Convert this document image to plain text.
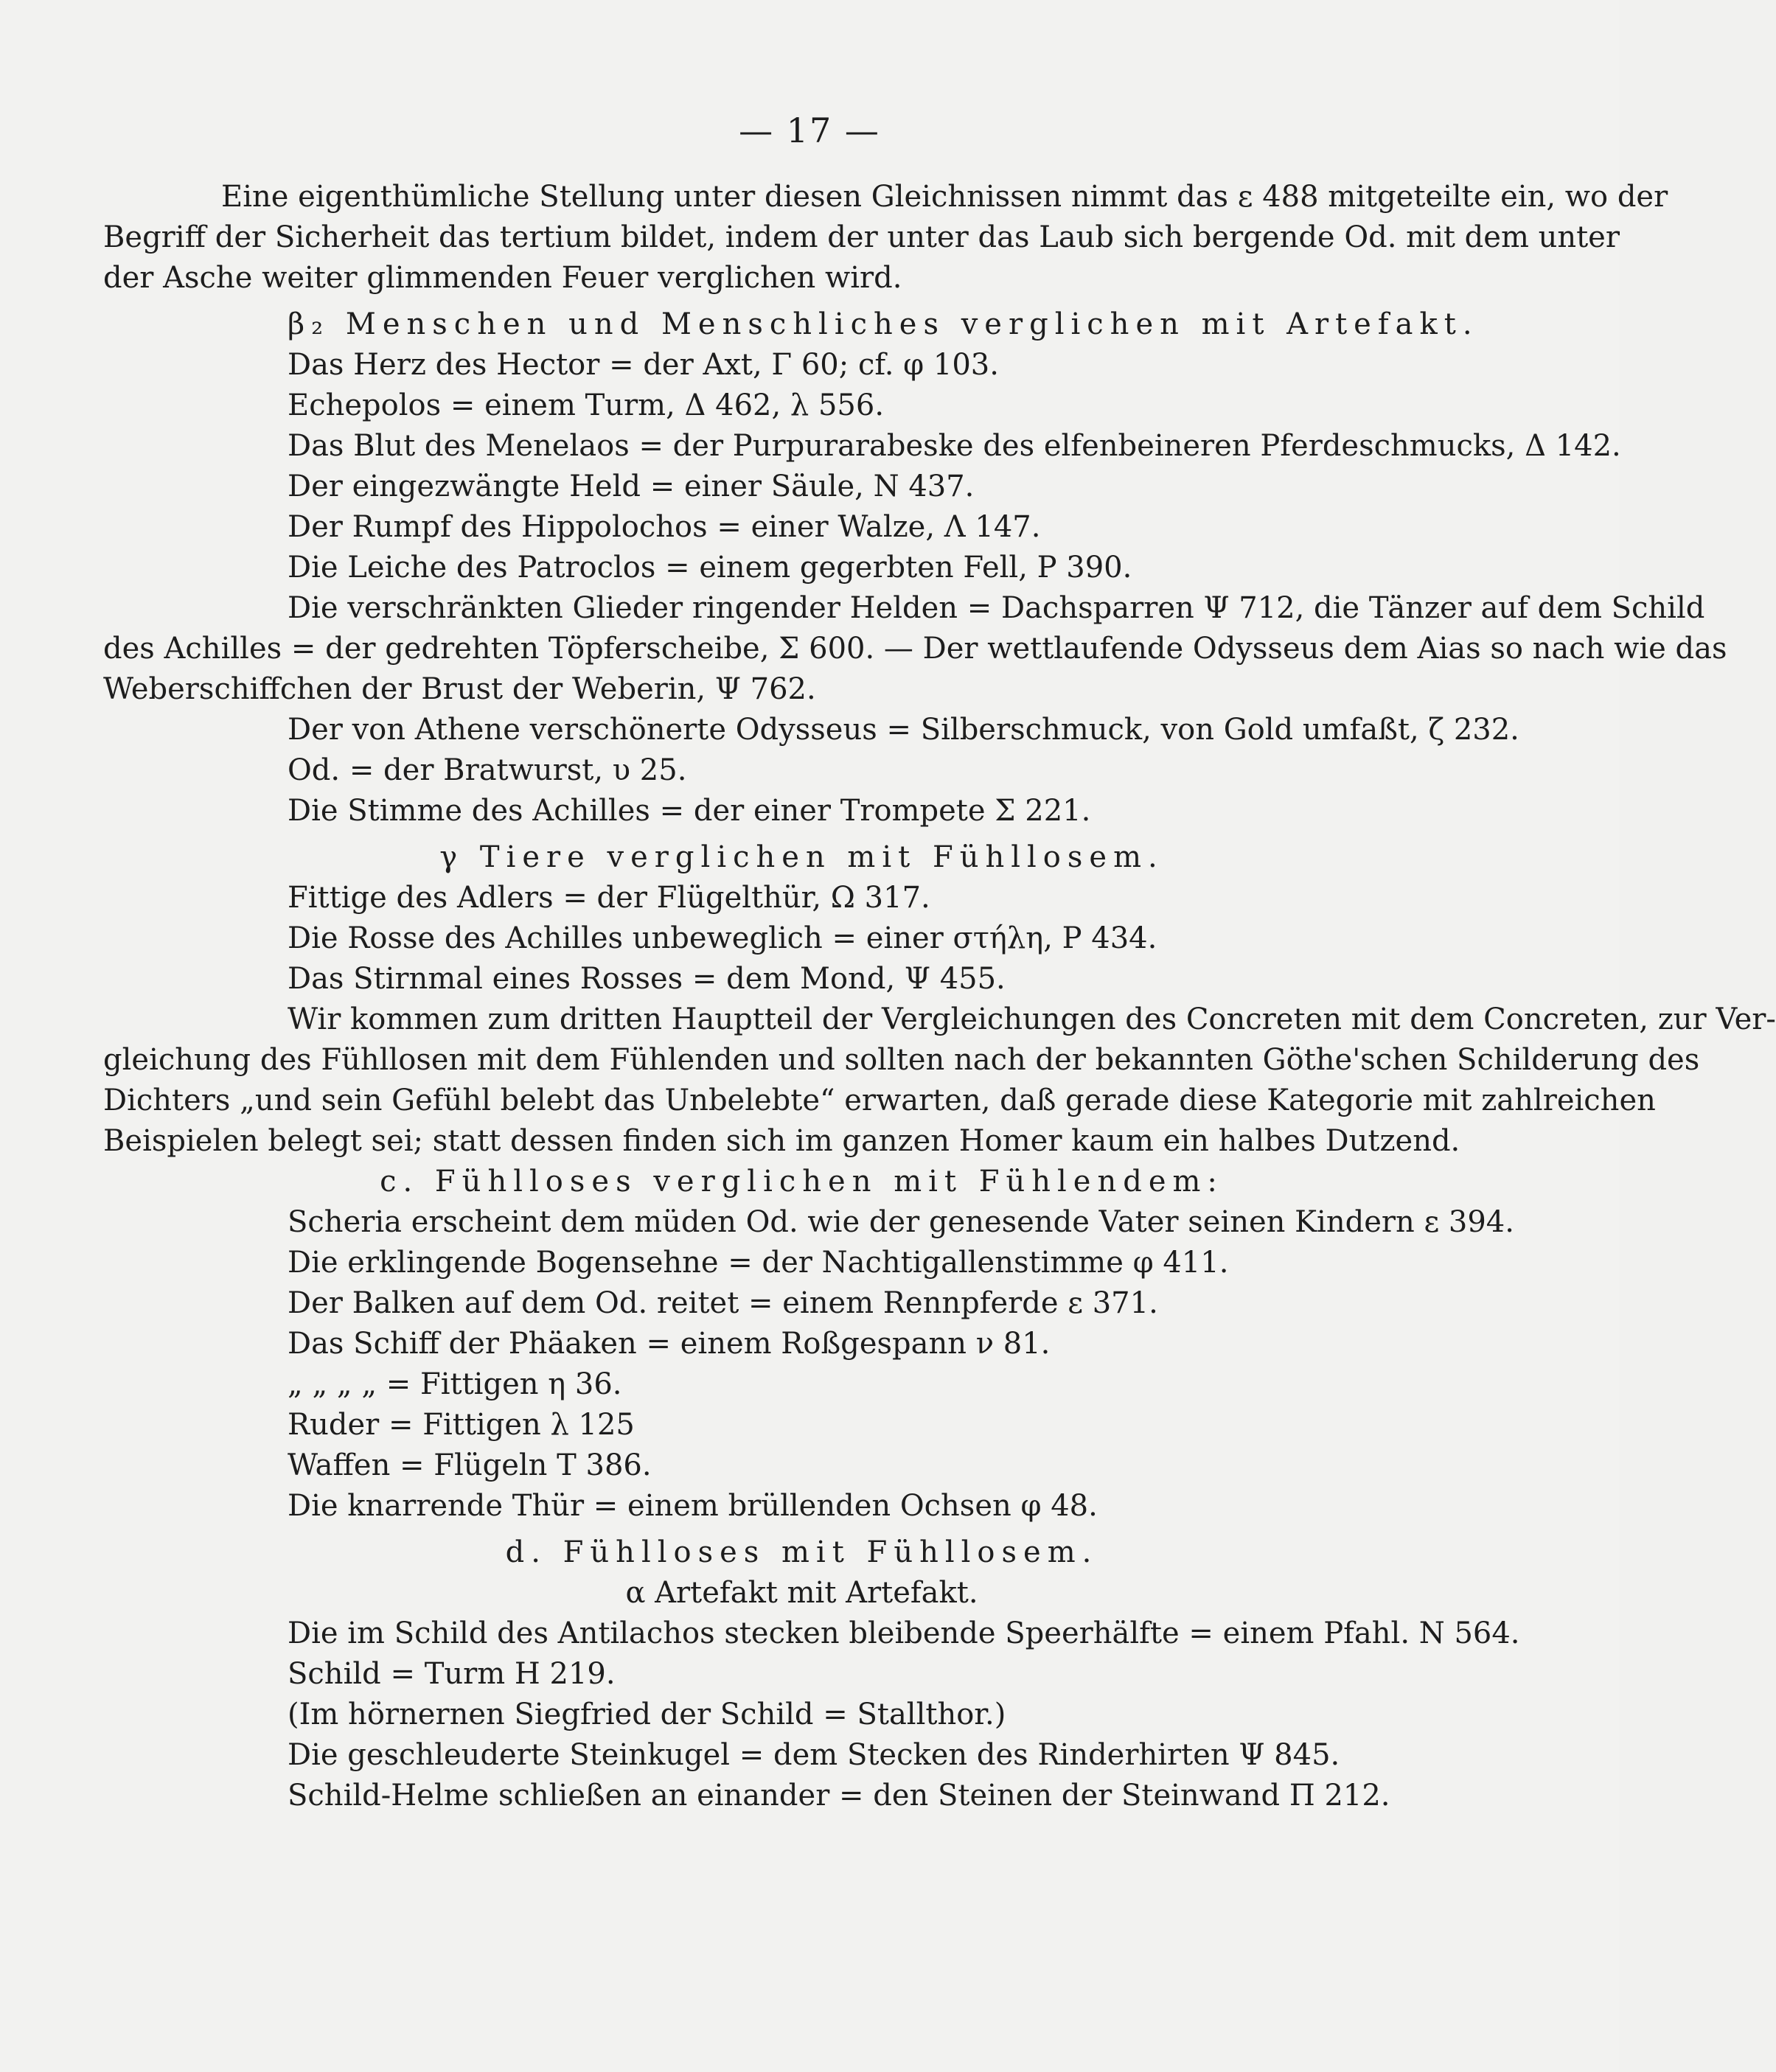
— 17 —
Eine eigenthümliche Stellung unter diesen Gleichnissen nimmt das ε 488 mitgeteilte ein, wo der
Begriff der Sicherheit das tertium bildet, indem der unter das Laub sich bergende Od. mit dem unter
der Asche weiter glimmenden Feuer verglichen wird.
β₂ Menschen und Menschliches verglichen mit Artefakt.
Das Herz des Hector = der Axt, Γ 60; cf. φ 103.
Echepolos = einem Turm, Δ 462, λ 556.
Das Blut des Menelaos = der Purpurarabeske des elfenbeineren Pferdeschmucks, Δ 142.
Der eingezwängte Held = einer Säule, N 437.
Der Rumpf des Hippolochos = einer Walze, Λ 147.
Die Leiche des Patroclos = einem gegerbten Fell, P 390.
Die verschränkten Glieder ringender Helden = Dachsparren Ψ 712, die Tänzer auf dem Schild
des Achilles = der gedrehten Töpferscheibe, Σ 600. — Der wettlaufende Odysseus dem Aias so nach wie das
Weberschiffchen der Brust der Weberin, Ψ 762.
Der von Athene verschönerte Odysseus = Silberschmuck, von Gold umfaßt, ζ 232.
Od. = der Bratwurst, υ 25.
Die Stimme des Achilles = der einer Trompete Σ 221.
γ Tiere verglichen mit Fühllosem.
Fittige des Adlers = der Flügelthür, Ω 317.
Die Rosse des Achilles unbeweglich = einer στήλη, P 434.
Das Stirnmal eines Rosses = dem Mond, Ψ 455.
Wir kommen zum dritten Hauptteil der Vergleichungen des Concreten mit dem Concreten, zur Ver-
gleichung des Fühllosen mit dem Fühlenden und sollten nach der bekannten Göthe'schen Schilderung des
Dichters „und sein Gefühl belebt das Unbelebte“ erwarten, daß gerade diese Kategorie mit zahlreichen
Beispielen belegt sei; statt dessen finden sich im ganzen Homer kaum ein halbes Dutzend.
c. Fühlloses verglichen mit Fühlendem:
Scheria erscheint dem müden Od. wie der genesende Vater seinen Kindern ε 394.
Die erklingende Bogensehne = der Nachtigallenstimme φ 411.
Der Balken auf dem Od. reitet = einem Rennpferde ε 371.
Das Schiff der Phäaken = einem Roßgespann ν 81.
„ „ „ „ = Fittigen η 36.
Ruder = Fittigen λ 125
Waffen = Flügeln T 386.
Die knarrende Thür = einem brüllenden Ochsen φ 48.
d. Fühlloses mit Fühllosem.
α Artefakt mit Artefakt.
Die im Schild des Antilachos stecken bleibende Speerhälfte = einem Pfahl. N 564.
Schild = Turm H 219.
(Im hörnernen Siegfried der Schild = Stallthor.)
Die geschleuderte Steinkugel = dem Stecken des Rinderhirten Ψ 845.
Schild-Helme schließen an einander = den Steinen der Steinwand Π 212.
